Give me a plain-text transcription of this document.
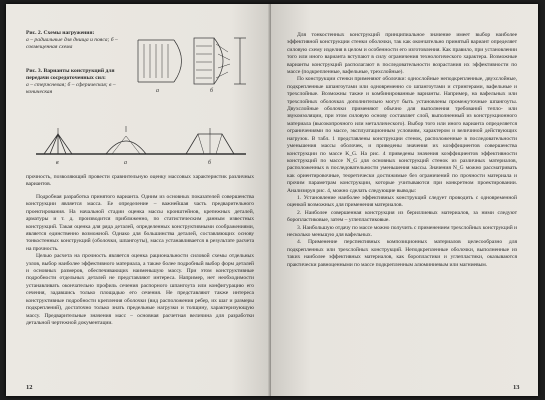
Рис. 2. Схемы нагружения:
а – радиальные для днища и пояса; б – совмещенная схема
Рис. 3. Варианты конструкций для передачи сосредоточенных сил:
а – стержневая; б – сферическая; в – коническая	а	б
в	а	б

прочность, позволяющий провести сравнительную оценку массовых характеристик различных вариантов.

Подробная разработка принятого варианта. Одним из основных показателей совершенства конструкции является масса. Ее определение – важнейшая часть предварительного проектирования. На начальной стадии оценка массы кронштейнов, крепежных деталей, арматуры и т. д. производится приближенно, по статистическим данным известных конструкций. Такая оценка для ряда деталей, определенных конструктивными соображениями, является единственно возможной. Однако для большинства деталей, составляющих основу тонкостенных конструкций (оболочки, шпангоуты), масса устанавливается в результате расчета на прочность.

Целью расчета на прочность является оценка рациональности силовой схемы отдельных узлов, выбор наиболее эффективного материала, а также более подробный выбор форм деталей и основных размеров, обеспечивающих наименьшую массу. При этом конструктивные подробности отдельных деталей не представляют интереса. Например, нет необходимости устанавливать окончательно профиль сечения распорного шпангоута или конфигурацию его сечения, задавшись только площадью его сечения. Не представляют также интереса конструктивные подробности крепления оболочки (вид расположения ребер, их шаг и размеры подкреплений), достаточно только знать предельные нагрузки и толщину, характеризующую массу. Предварительные значения масс – основная расчетная величина для разработки детальной чертежной документации.

12

Для тонкостенных конструкций принципиальное значение имеет выбор наиболее эффективной конструкции стенки оболочки, так как окончательно принятый вариант определяет силовую схему изделия в целом и особенности его изготовления. Как правило, при установлении того или иного варианта вступают в силу ограничения технологического характера. Возможные варианты конструкций располагают в последовательности возрастания их эффективности по массе (подкрепленные, вафельные, трехслойные).

По конструкции стенки применяют оболочки: однослойные неподкрепленные, двухслойные, подкрепленные шпангоутами или одновременно со шпангоутами и стрингерами, вафельные и трехслойные. Возможны также и комбинированные варианты. Например, на вафельных или трехслойных оболочках дополнительно могут быть установлены промежуточные шпангоуты. Двухслойные оболочки применяют обычно для выполнения требований тепло- или звукоизоляции, при этом силовую основу составляет слой, выполненный из конструкционного материала (высокопрочного или металлического). Выбор того или иного варианта определяется ограничениями по массе, эксплуатационным условиям, характером и величиной действующих нагрузок. В табл. 1 представлены конструкции стенок, расположенные в последовательности уменьшения массы оболочек, и приведены значения их коэффициентов совершенства конструкции по массе K_G. На рис. 4 приведены значения коэффициентов эффективности конструкций по массе N_G для основных конструкций стенок из различных материалов, расположенных в последовательности уменьшения массы. Значения N_G можно рассматривать как ориентировочные, теоретически достижимые без ограничений по прочности материала и прочим параметрам конструкции, которые учитываются при конкретном проектировании. Анализируя рис. 4, можно сделать следующие выводы:

1. Установление наиболее эффективных конструкций следует проводить с одновременной оценкой возможных для применения материалов.

2. Наиболее совершенная конструкция из бериллиевых материалов, за ними следуют боропластиковые, затем – углепластиковые.

3. Наибольшую отдачу по массе можно получить с применением трехслойных конструкций и несколько меньшую для вафельных.

4. Применение перспективных композиционных материалов целесообразно для подкрепленных или трехслойных конструкций. Неподкрепленные оболочки, выполненные из таких наиболее эффективных материалов, как боропластики и углепластики, оказываются практически равноценными по массе подкрепленным алюминиевым или магниевым.

13
